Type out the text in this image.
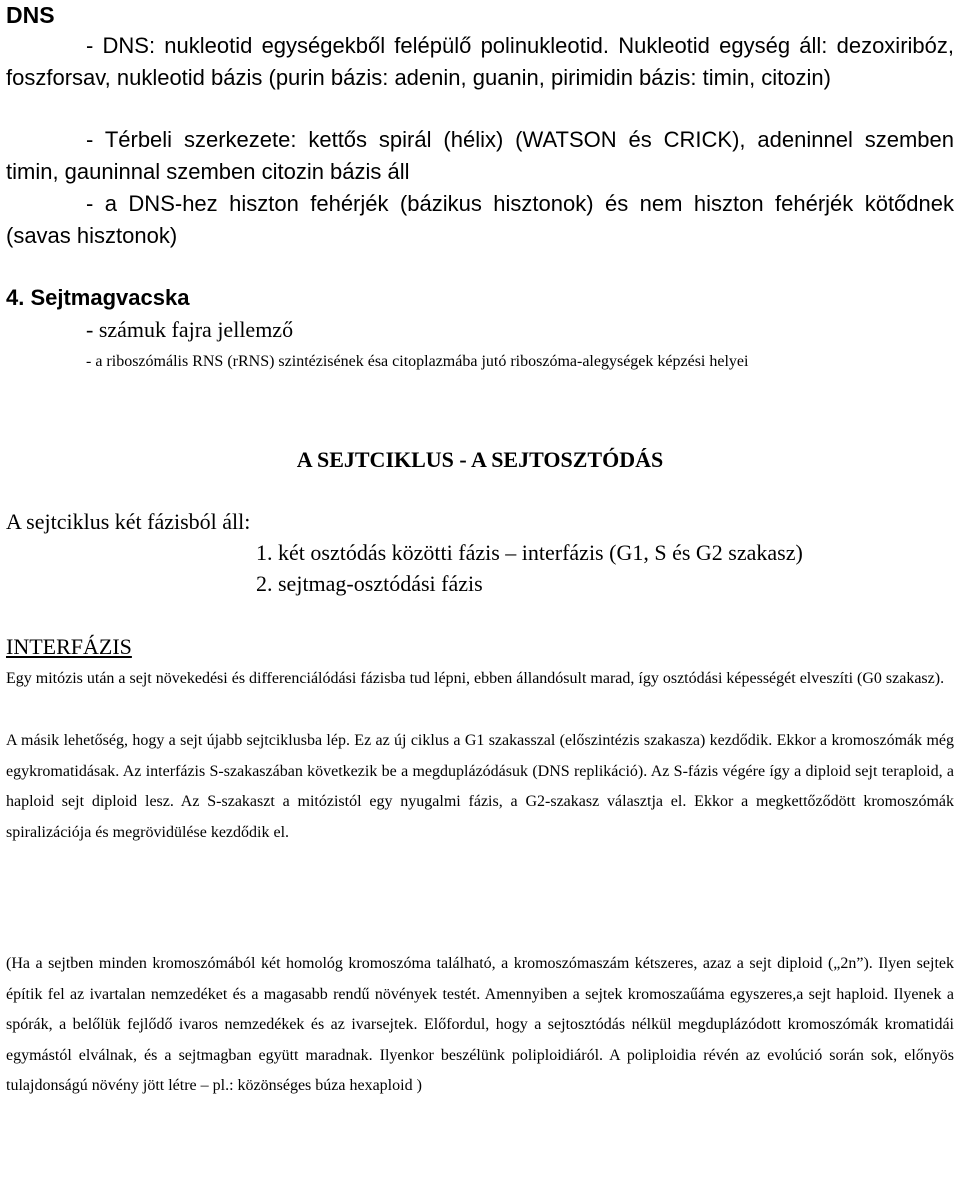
DNS

- DNS: nukleotid egységekből felépülő polinukleotid. Nukleotid egység áll: dezoxiribóz, foszforsav, nukleotid bázis (purin bázis: adenin, guanin, pirimidin bázis: timin, citozin)

- Térbeli szerkezete: kettős spirál (hélix) (WATSON és CRICK), adeninnel szemben timin, gauninnal szemben citozin bázis áll

- a DNS-hez hiszton fehérjék (bázikus hisztonok) és nem hiszton fehérjék kötődnek (savas hisztonok)

4. Sejtmagvacska
- számuk fajra jellemző

- a riboszómális RNS (rRNS) szintézisének ésa citoplazmába jutó riboszóma-alegységek képzési helyei

A SEJTCIKLUS - A SEJTOSZTÓDÁS
A sejtciklus két fázisból áll:
1. két osztódás közötti fázis – interfázis (G1, S és G2 szakasz)
2. sejtmag-osztódási fázis
INTERFÁZIS

Egy mitózis után a sejt növekedési és differenciálódási fázisba tud lépni, ebben állandósult marad, így osztódási képességét elveszíti (G0 szakasz).

A másik lehetőség, hogy a sejt újabb sejtciklusba lép. Ez az új ciklus a G1 szakasszal (előszintézis szakasza) kezdődik. Ekkor a kromoszómák még egykromatidásak. Az interfázis S-szakaszában következik be a megduplázódásuk (DNS replikáció). Az S-fázis végére így a diploid sejt teraploid, a haploid sejt diploid lesz. Az S-szakaszt a mitózistól egy nyugalmi fázis, a G2-szakasz választja el. Ekkor a megkettőződött kromoszómák spiralizációja és megrövidülése kezdődik el.

(Ha a sejtben minden kromoszómából két homológ kromoszóma található, a kromoszómaszám kétszeres, azaz a sejt diploid („2n”). Ilyen sejtek építik fel az ivartalan nemzedéket és a magasabb rendű növények testét. Amennyiben a sejtek kromoszaűáma egyszeres,a sejt haploid. Ilyenek a spórák, a belőlük fejlődő ivaros nemzedékek és az ivarsejtek. Előfordul, hogy a sejtosztódás nélkül megduplázódott kromoszómák kromatidái egymástól elválnak, és a sejtmagban együtt maradnak. Ilyenkor beszélünk poliploidiáról. A poliploidia révén az evolúció során sok, előnyös tulajdonságú növény jött létre – pl.: közönséges búza hexaploid )
